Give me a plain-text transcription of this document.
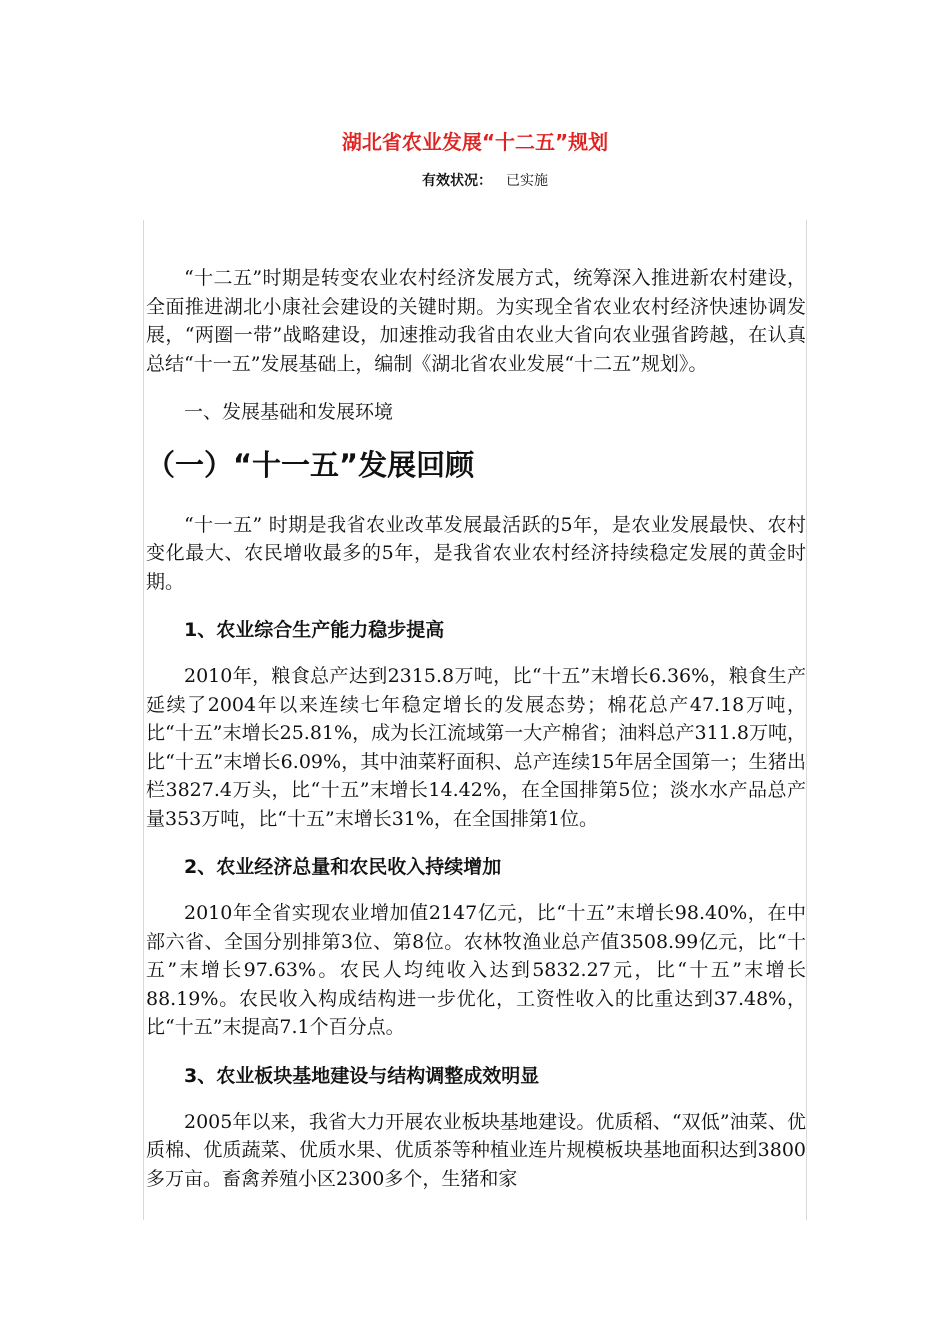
湖北省农业发展“十二五”规划
有效状况： 已实施

“十二五”时期是转变农业农村经济发展方式，统筹深入推进新农村建设，全面推进湖北小康社会建设的关键时期。为实现全省农业农村经济快速协调发展，“两圈一带”战略建设，加速推动我省由农业大省向农业强省跨越，在认真总结“十一五”发展基础上，编制《湖北省农业发展“十二五”规划》。

一、发展基础和发展环境

（一）“十一五”发展回顾

“十一五” 时期是我省农业改革发展最活跃的5年，是农业发展最快、农村变化最大、农民增收最多的5年，是我省农业农村经济持续稳定发展的黄金时期。

1、农业综合生产能力稳步提高

2010年，粮食总产达到2315.8万吨，比“十五”末增长6.36%，粮食生产延续了2004年以来连续七年稳定增长的发展态势；棉花总产47.18万吨，比“十五”末增长25.81%，成为长江流域第一大产棉省；油料总产311.8万吨，比“十五”末增长6.09%，其中油菜籽面积、总产连续15年居全国第一；生猪出栏3827.4万头，比“十五”末增长14.42%，在全国排第5位；淡水水产品总产量353万吨，比“十五”末增长31%，在全国排第1位。

2、农业经济总量和农民收入持续增加

2010年全省实现农业增加值2147亿元，比“十五”末增长98.40%，在中部六省、全国分别排第3位、第8位。农林牧渔业总产值3508.99亿元，比“十五”末增长97.63%。农民人均纯收入达到5832.27元，比“十五”末增长88.19%。农民收入构成结构进一步优化，工资性收入的比重达到37.48%，比“十五”末提高7.1个百分点。

3、农业板块基地建设与结构调整成效明显

2005年以来，我省大力开展农业板块基地建设。优质稻、“双低”油菜、优质棉、优质蔬菜、优质水果、优质茶等种植业连片规模板块基地面积达到3800多万亩。畜禽养殖小区2300多个，生猪和家
